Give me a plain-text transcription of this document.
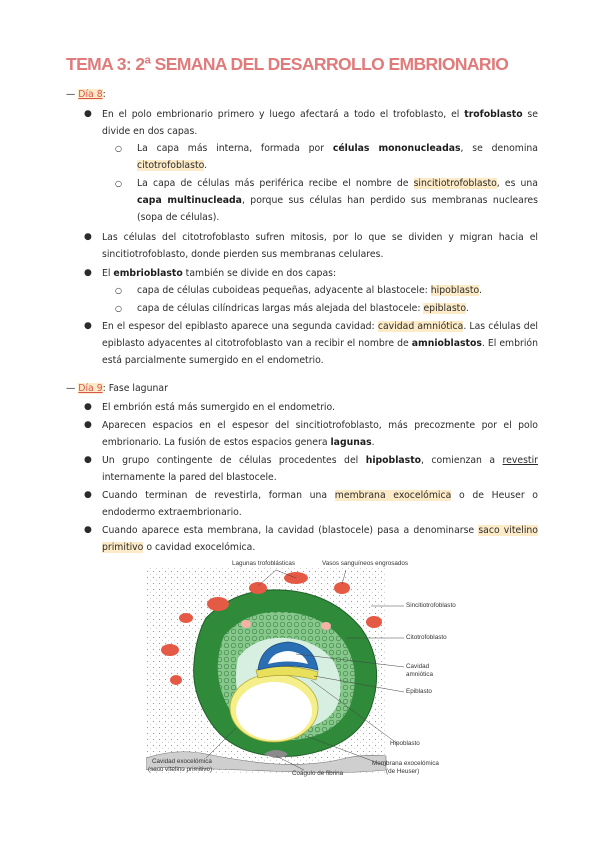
TEMA 3: 2ª SEMANA DEL DESARROLLO EMBRIONARIO
— Día 8:
● En el polo embrionario primero y luego afectará a todo el trofoblasto, el trofoblasto se divide en dos capas.
○ La capa más interna, formada por células mononucleadas, se denomina citotrofoblasto.
○ La capa de células más periférica recibe el nombre de sincitiotrofoblasto, es una capa multinucleada, porque sus células han perdido sus membranas nucleares (sopa de células).
● Las células del citotrofoblasto sufren mitosis, por lo que se dividen y migran hacia el sincitiotrofoblasto, donde pierden sus membranas celulares.
● El embrioblasto también se divide en dos capas:
○ capa de células cuboideas pequeñas, adyacente al blastocele: hipoblasto.
○ capa de células cilíndricas largas más alejada del blastocele: epiblasto.
● En el espesor del epiblasto aparece una segunda cavidad: cavidad amniótica. Las células del epiblasto adyacentes al citotrofoblasto van a recibir el nombre de amnioblastos. El embrión está parcialmente sumergido en el endometrio.
— Día 9: Fase lagunar
● El embrión está más sumergido en el endometrio.
● Aparecen espacios en el espesor del sincitiotrofoblasto, más precozmente por el polo embrionario. La fusión de estos espacios genera lagunas.
● Un grupo contingente de células procedentes del hipoblasto, comienzan a revestir internamente la pared del blastocele.
● Cuando terminan de revestirla, forman una membrana exocelómica o de Heuser o endodermo extraembrionario.
● Cuando aparece esta membrana, la cavidad (blastocele) pasa a denominarse saco vitelino primitivo o cavidad exocelómica.
Lagunas trofoblásticas	Vasos sanguíneos engrosados
Sincitiotrofoblasto
Citotrofoblasto
Cavidad
amniótica
Epiblasto
Hipoblasto
Membrana exocelómica
(de Heuser)
Cavidad exocelómica
(saco vitelino primitivo)
Coágulo de fibrina
